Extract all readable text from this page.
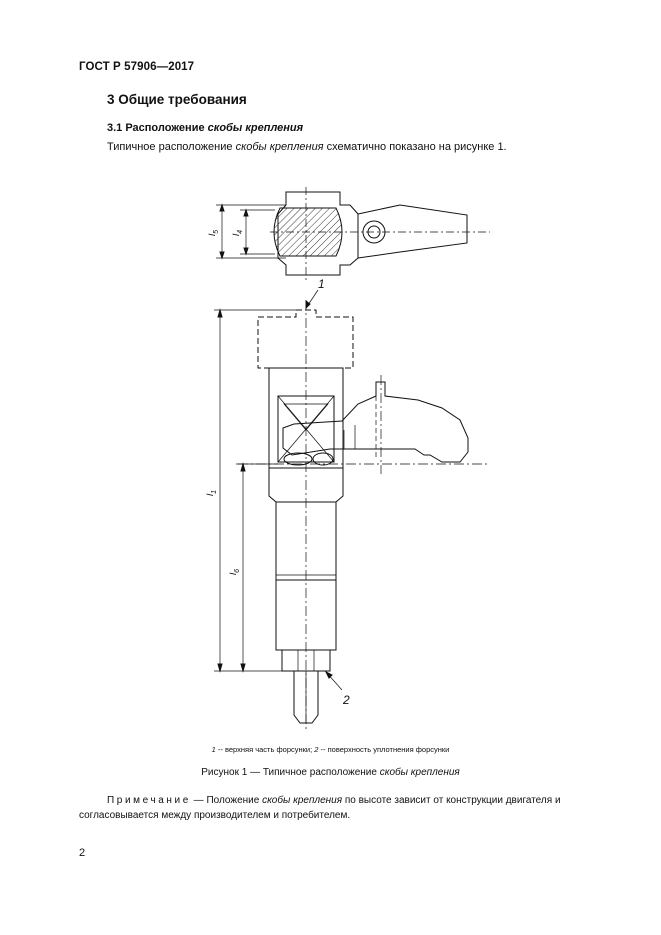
ГОСТ Р 57906—2017
3 Общие требования
3.1 Расположение скобы крепления
Типичное расположение скобы крепления схематично показано на рисунке 1.
$l_5$
$l_4$
$l_1$
$l_6$
1
2
1 -- верхняя часть форсунки; 2 -- поверхность уплотнения форсунки
Рисунок 1 — Типичное расположение скобы крепления
Примечание — Положение скобы крепления по высоте зависит от конструкции двигателя и согласовывается между производителем и потребителем.
2
